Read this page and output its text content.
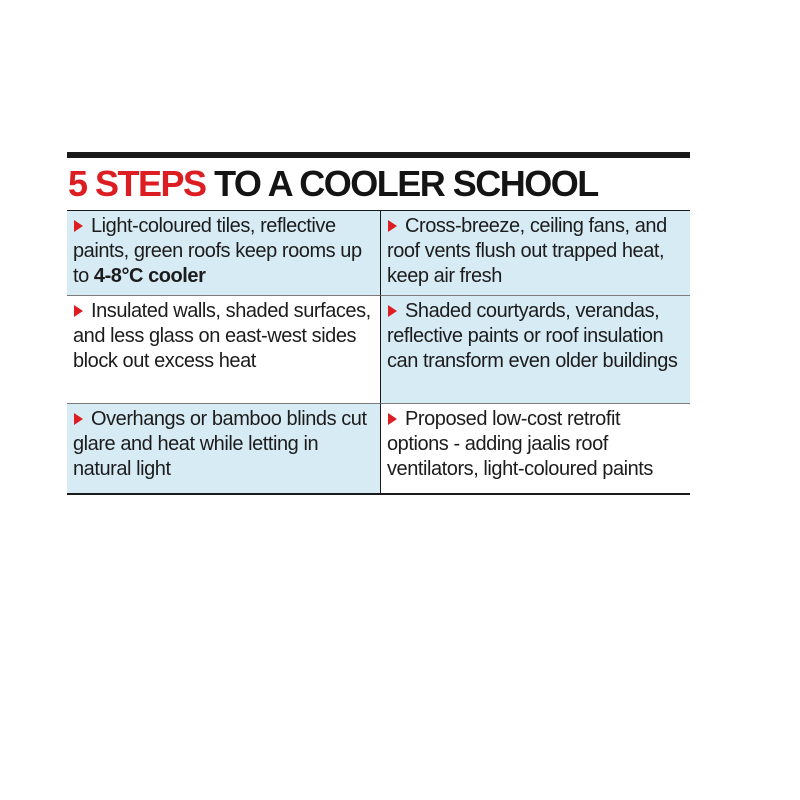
5 STEPS TO A COOLER SCHOOL
Light-coloured tiles, reflective paints, green roofs keep rooms up to 4-8°C cooler
Cross-breeze, ceiling fans, and roof vents flush out trapped heat, keep air fresh
Insulated walls, shaded surfaces, and less glass on east-west sides block out excess heat
Shaded courtyards, verandas, reflective paints or roof insulation can transform even older buildings
Overhangs or bamboo blinds cut glare and heat while letting in natural light
Proposed low-cost retrofit options - adding jaalis roof ventilators, light-coloured paints
